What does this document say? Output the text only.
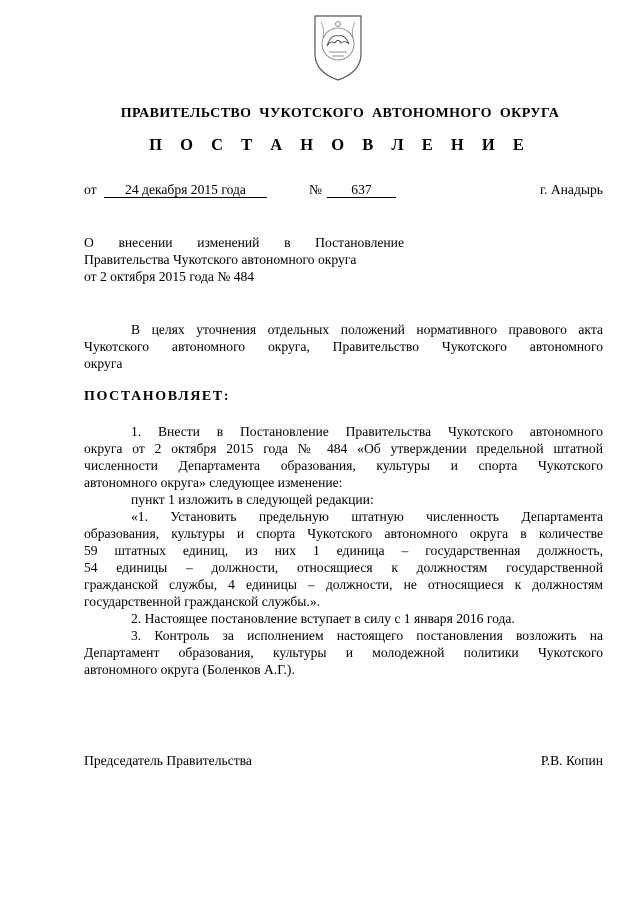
ПРАВИТЕЛЬСТВО ЧУКОТСКОГО АВТОНОМНОГО ОКРУГА
П О С Т А Н О В Л Е Н И Е
от	24 декабря 2015 года	№	637	г. Анадырь
О внесении изменений в Постановление
Правительства Чукотского автономного округа
от 2 октября 2015 года № 484
В целях уточнения отдельных положений нормативного правового акта
Чукотского автономного округа, Правительство Чукотского автономного
округа
ПОСТАНОВЛЯЕТ:
1. Внести в Постановление Правительства Чукотского автономного
округа от 2 октября 2015 года № 484 «Об утверждении предельной штатной
численности Департамента образования, культуры и спорта Чукотского
автономного округа» следующее изменение:
пункт 1 изложить в следующей редакции:
«1. Установить предельную штатную численность Департамента
образования, культуры и спорта Чукотского автономного округа в количестве
59 штатных единиц, из них 1 единица – государственная должность,
54 единицы – должности, относящиеся к должностям государственной
гражданской службы, 4 единицы – должности, не относящиеся к должностям
государственной гражданской службы.».
2. Настоящее постановление вступает в силу с 1 января 2016 года.
3. Контроль за исполнением настоящего постановления возложить на
Департамент образования, культуры и молодежной политики Чукотского
автономного округа (Боленков А.Г.).
Председатель Правительства	Р.В. Копин
